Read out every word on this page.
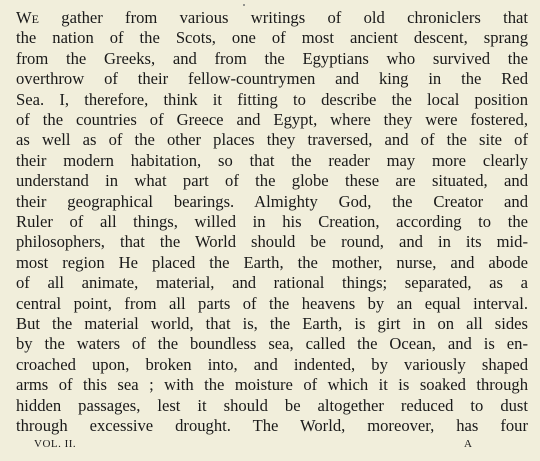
We gather from various writings of old chroniclers that
the nation of the Scots, one of most ancient descent, sprang
from the Greeks, and from the Egyptians who survived the
overthrow of their fellow-countrymen and king in the Red
Sea. I, therefore, think it fitting to describe the local position
of the countries of Greece and Egypt, where they were fostered,
as well as of the other places they traversed, and of the site of
their modern habitation, so that the reader may more clearly
understand in what part of the globe these are situated, and
their geographical bearings. Almighty God, the Creator and
Ruler of all things, willed in his Creation, according to the
philosophers, that the World should be round, and in its mid-
most region He placed the Earth, the mother, nurse, and abode
of all animate, material, and rational things; separated, as a
central point, from all parts of the heavens by an equal interval.
But the material world, that is, the Earth, is girt in on all sides
by the waters of the boundless sea, called the Ocean, and is en-
croached upon, broken into, and indented, by variously shaped
arms of this sea ; with the moisture of which it is soaked through
hidden passages, lest it should be altogether reduced to dust
through excessive drought. The World, moreover, has four
VOL. II.	A
